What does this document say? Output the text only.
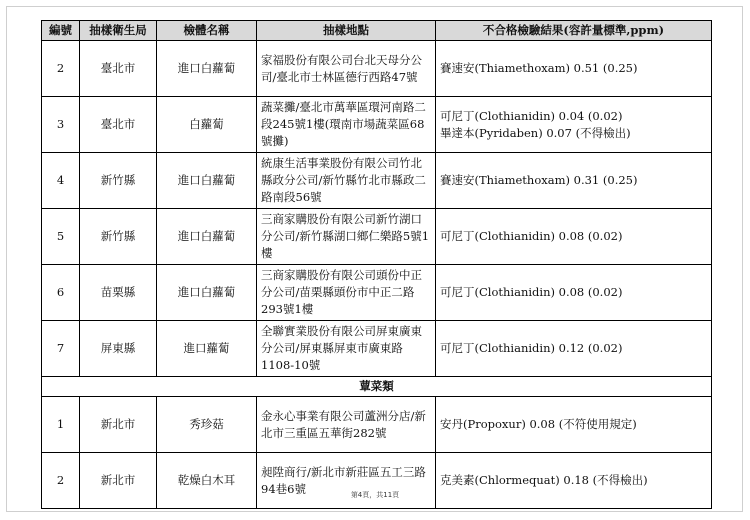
編號	抽樣衛生局	檢體名稱	抽樣地點	不合格檢驗結果(容許量標準,ppm)
2	臺北市	進口白蘿蔔	家福股份有限公司台北天母分公司/臺北市士林區德行西路47號	賽速安(Thiamethoxam) 0.51 (0.25)

3	臺北市	白蘿蔔	蔬菜攤/臺北市萬華區環河南路二段245號1樓(環南市場蔬菜區68號攤)	可尼丁(Clothianidin) 0.04 (0.02)
畢達本(Pyridaben) 0.07 (不得檢出)

4	新竹縣	進口白蘿蔔	統康生活事業股份有限公司竹北縣政分公司/新竹縣竹北市縣政二路南段56號	賽速安(Thiamethoxam) 0.31 (0.25)

5	新竹縣	進口白蘿蔔	三商家購股份有限公司新竹湖口分公司/新竹縣湖口鄉仁樂路5號1樓	可尼丁(Clothianidin) 0.08 (0.02)

6	苗栗縣	進口白蘿蔔	三商家購股份有限公司頭份中正分公司/苗栗縣頭份市中正二路293號1樓	可尼丁(Clothianidin) 0.08 (0.02)

7	屏東縣	進口蘿蔔	全聯實業股份有限公司屏東廣東分公司/屏東縣屏東市廣東路1108-10號	可尼丁(Clothianidin) 0.12 (0.02)

蕈菜類				
1	新北市	秀珍菇	金永心事業有限公司蘆洲分店/新北市三重區五華街282號	安丹(Propoxur) 0.08 (不符使用規定)

2	新北市	乾燥白木耳	昶陞商行/新北市新莊區五工三路94巷6號	克美素(Chlormequat) 0.18 (不得檢出)
第4頁，共11頁
